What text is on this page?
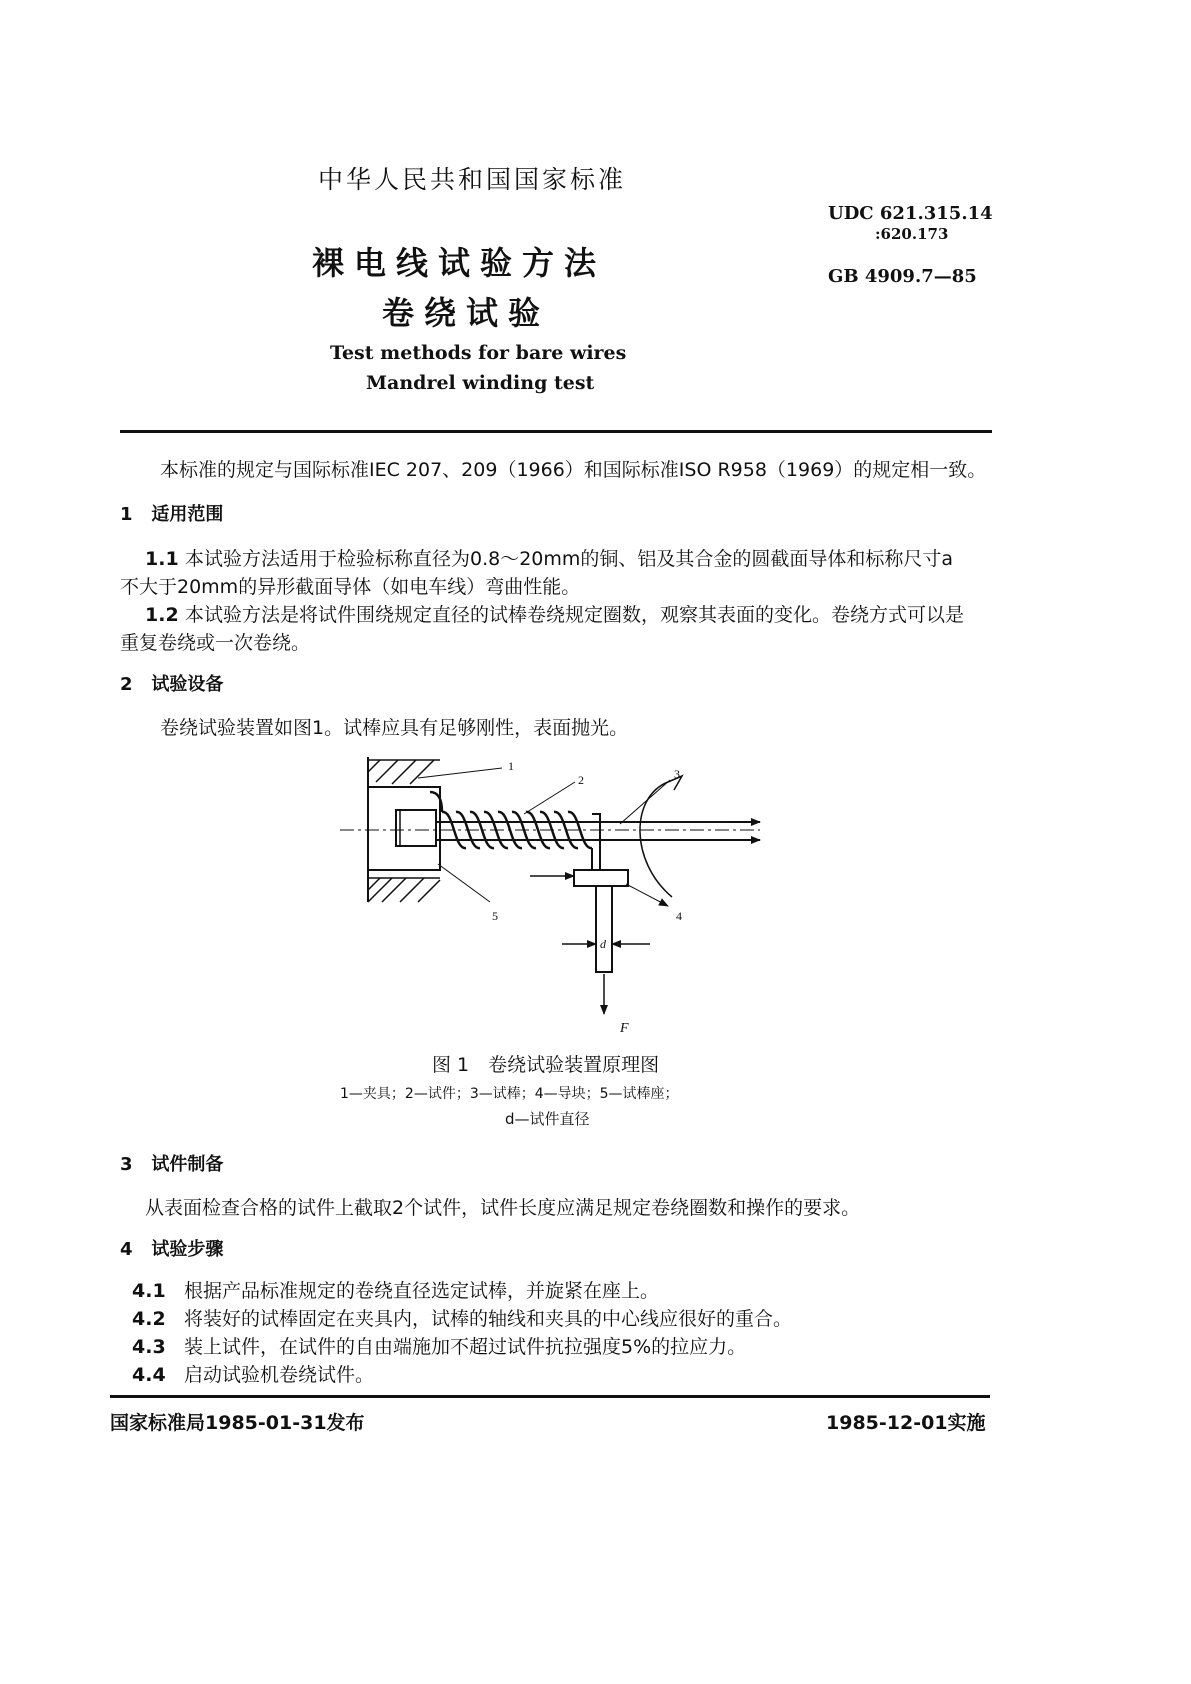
中华人民共和国国家标准
裸电线试验方法
卷绕试验
Test methods for bare wires
Mandrel winding test
UDC 621.315.14
:620.173
GB 4909.7—85
本标准的规定与国际标准IEC 207、209（1966）和国际标准ISO R958（1969）的规定相一致。
1 适用范围
1.1 本试验方法适用于检验标称直径为0.8～20mm的铜、铝及其合金的圆截面导体和标称尺寸a
不大于20mm的异形截面导体（如电车线）弯曲性能。
1.2 本试验方法是将试件围绕规定直径的试棒卷绕规定圈数，观察其表面的变化。卷绕方式可以是
重复卷绕或一次卷绕。
2 试验设备
卷绕试验装置如图1。试棒应具有足够刚性，表面抛光。
1
2	3
4
5
d
F
图 1　卷绕试验装置原理图
1—夹具；2—试件；3—试棒；4—导块；5—试棒座；
d—试件直径
3 试件制备
从表面检查合格的试件上截取2个试件，试件长度应满足规定卷绕圈数和操作的要求。
4 试验步骤
4.1 根据产品标准规定的卷绕直径选定试棒，并旋紧在座上。
4.2 将装好的试棒固定在夹具内，试棒的轴线和夹具的中心线应很好的重合。
4.3 装上试件，在试件的自由端施加不超过试件抗拉强度5%的拉应力。
4.4 启动试验机卷绕试件。
国家标准局1985-01-31发布	1985-12-01实施
